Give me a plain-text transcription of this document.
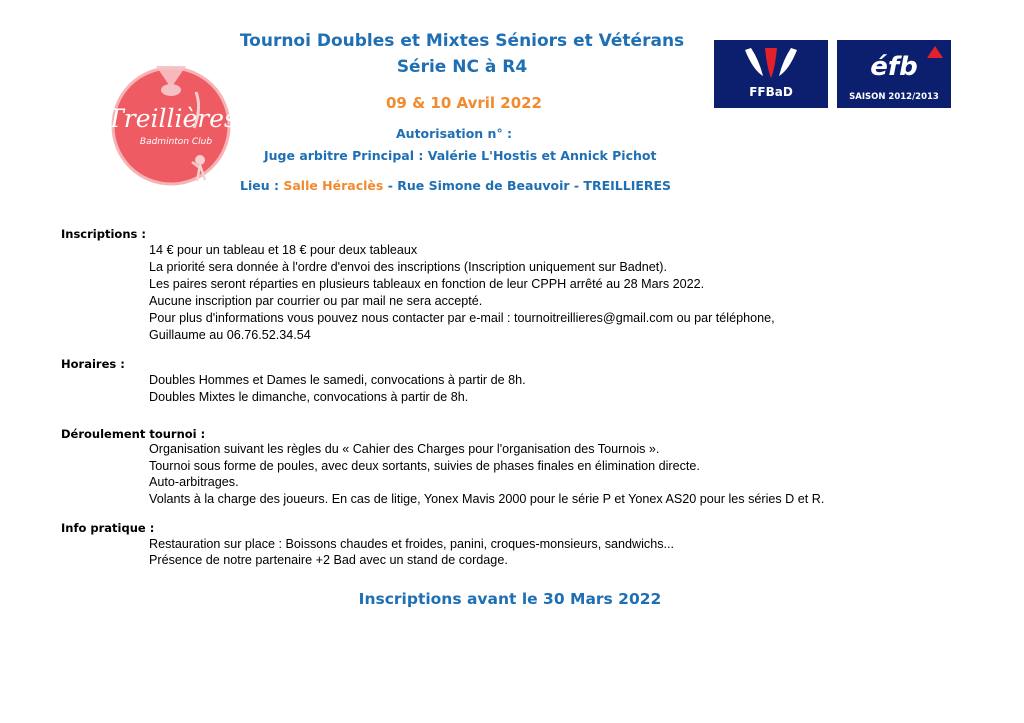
Treillières
Badminton Club
FFBaD
éfb
SAISON 2012/2013
Tournoi Doubles et Mixtes Séniors et Vétérans
Série NC à R4
09 & 10 Avril 2022
Autorisation n° :
Juge arbitre Principal : Valérie L'Hostis et Annick Pichot
Lieu : Salle Héraclès - Rue Simone de Beauvoir - TREILLIERES
Inscriptions :
14 € pour un tableau et 18 € pour deux tableaux
La priorité sera donnée à l'ordre d'envoi des inscriptions (Inscription uniquement sur Badnet).
Les paires seront réparties en plusieurs tableaux en fonction de leur CPPH arrêté au 28 Mars 2022.
Aucune inscription par courrier ou par mail ne sera accepté.
Pour plus d'informations vous pouvez nous contacter par e-mail : tournoitreillieres@gmail.com ou par téléphone,
Guillaume au 06.76.52.34.54
Horaires :
Doubles Hommes et Dames le samedi, convocations à partir de 8h.
Doubles Mixtes le dimanche, convocations à partir de 8h.
Déroulement tournoi :
Organisation suivant les règles du « Cahier des Charges pour l'organisation des Tournois ».
Tournoi sous forme de poules, avec deux sortants, suivies de phases finales en élimination directe.
Auto-arbitrages.
Volants à la charge des joueurs. En cas de litige, Yonex Mavis 2000 pour le série P et Yonex AS20 pour les séries D et R.
Info pratique :
Restauration sur place : Boissons chaudes et froides, panini, croques-monsieurs, sandwichs...
Présence de notre partenaire +2 Bad avec un stand de cordage.
Inscriptions avant le 30 Mars 2022
